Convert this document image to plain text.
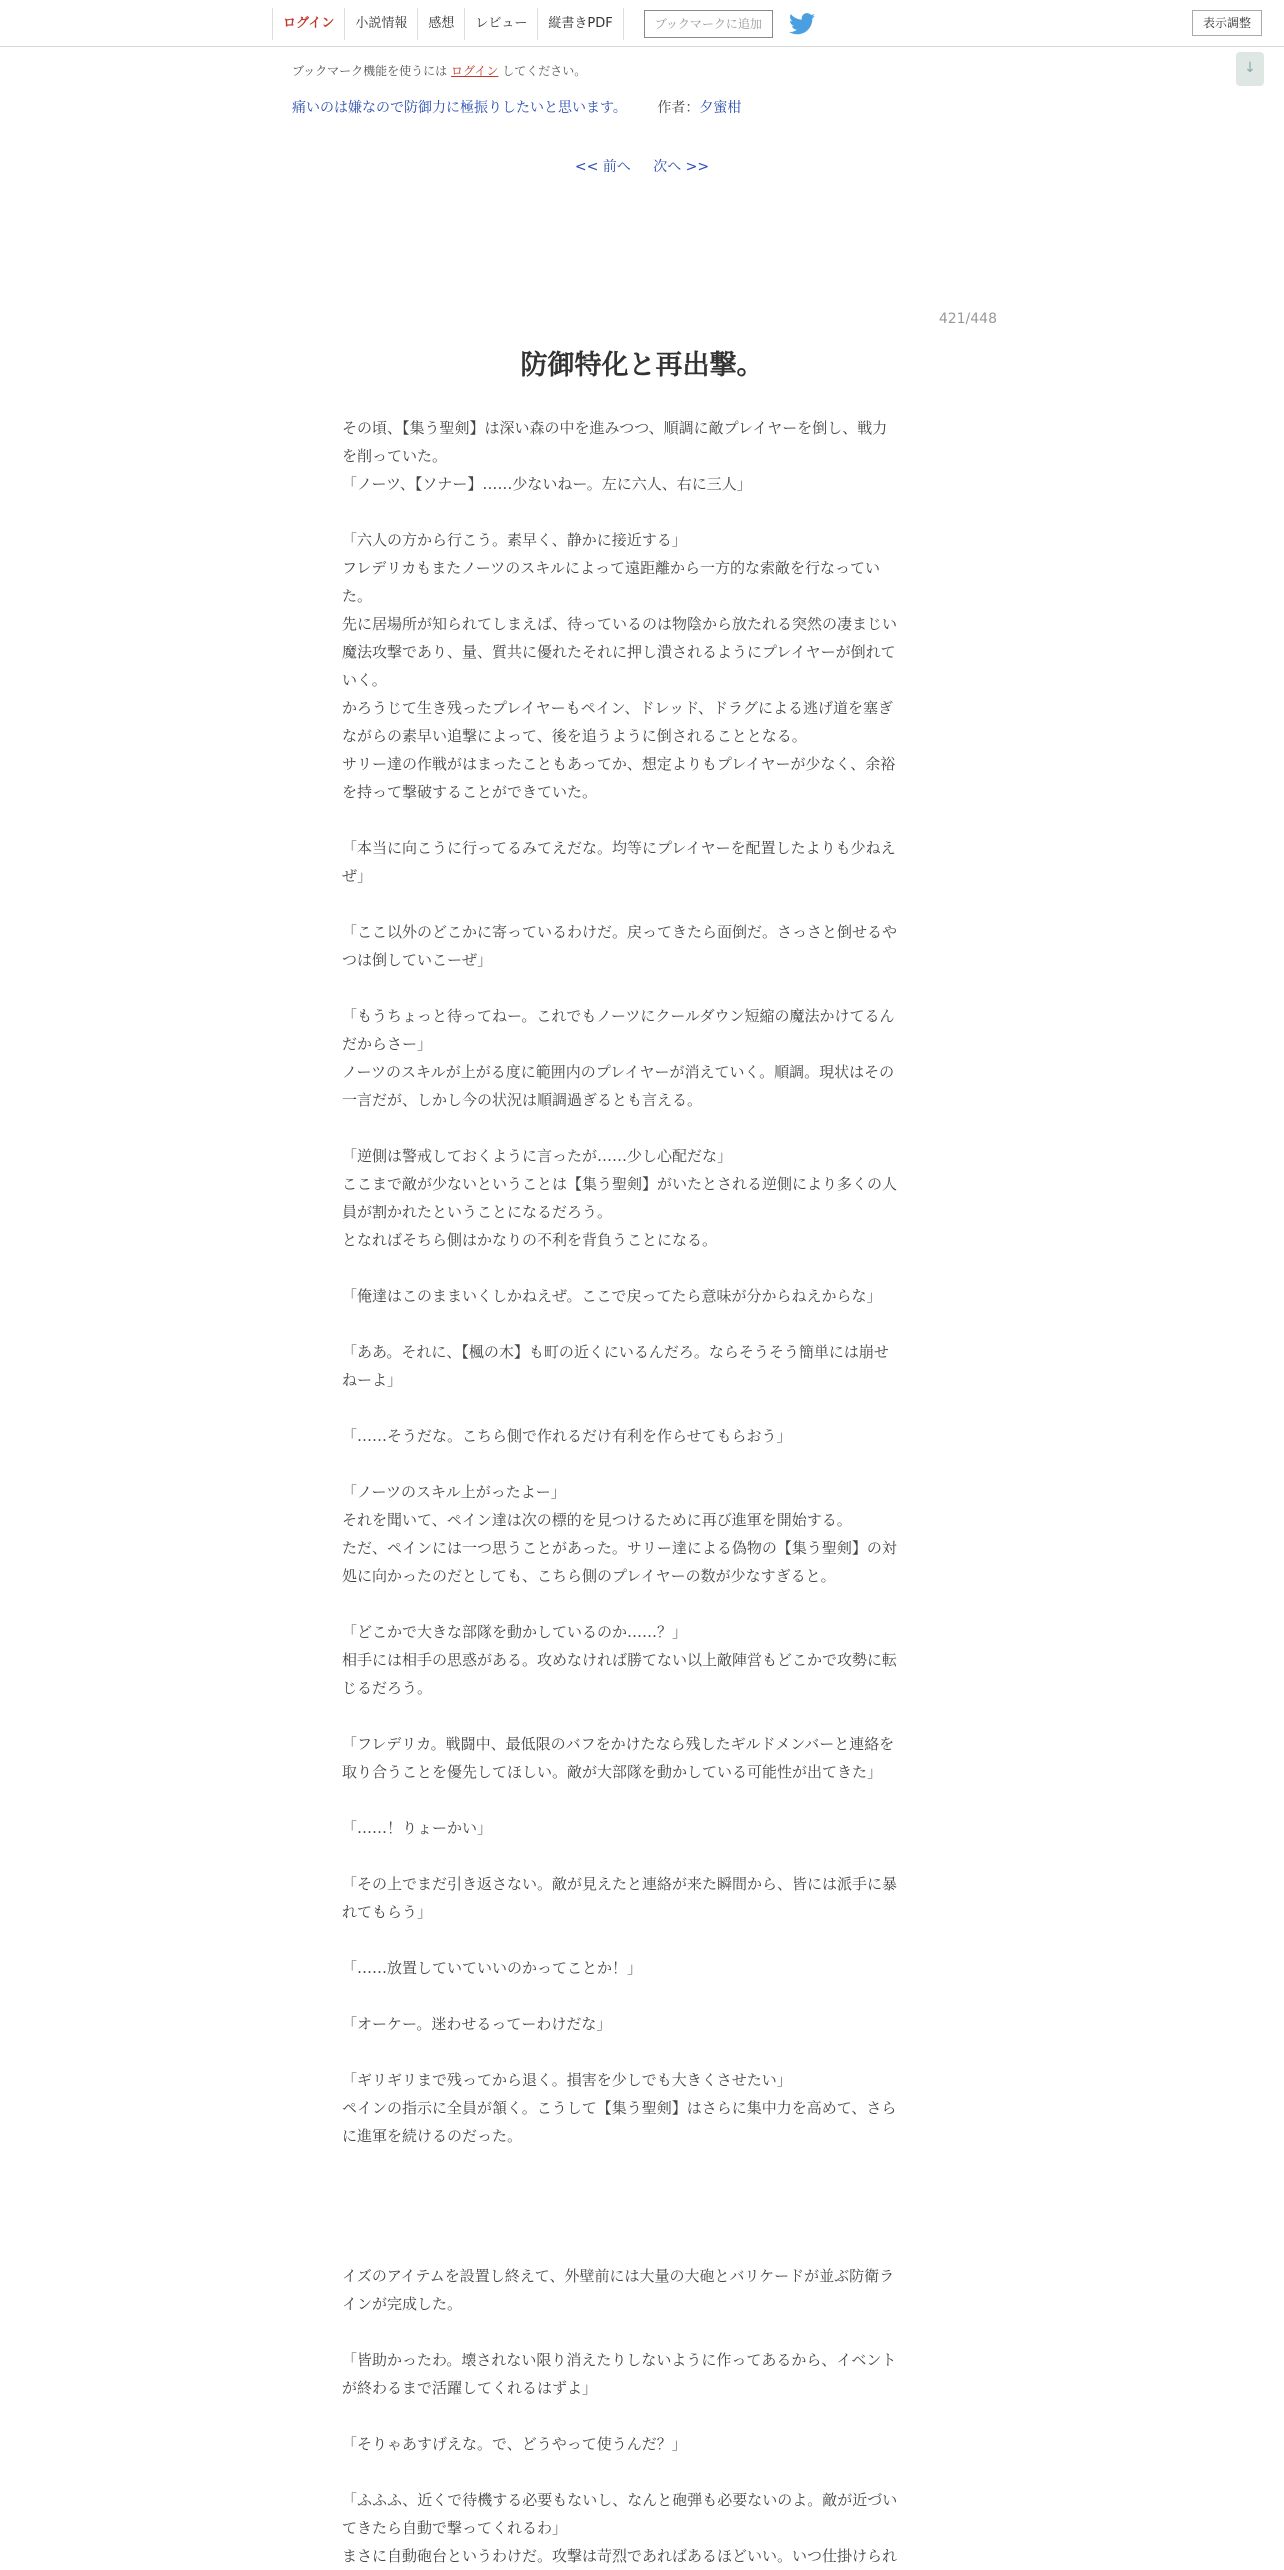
ログイン	小説情報	感想	レビュー	縦書きPDF	ブックマークに追加	表示調整
ブックマーク機能を使うには ログイン してください。	↓
痛いのは嫌なので防御力に極振りしたいと思います。 作者：夕蜜柑
<< 前へ 次へ >>
421/448
防御特化と再出撃。
その頃、【集う聖剣】は深い森の中を進みつつ、順調に敵プレイヤーを倒し、戦力
を削っていた。
「ノーツ、【ソナー】……少ないねー。左に六人、右に三人」
「六人の方から行こう。素早く、静かに接近する」
フレデリカもまたノーツのスキルによって遠距離から一方的な索敵を行なってい
た。
先に居場所が知られてしまえば、待っているのは物陰から放たれる突然の凄まじい
魔法攻撃であり、量、質共に優れたそれに押し潰されるようにプレイヤーが倒れて
いく。
かろうじて生き残ったプレイヤーもペイン、ドレッド、ドラグによる逃げ道を塞ぎ
ながらの素早い追撃によって、後を追うように倒されることとなる。
サリー達の作戦がはまったこともあってか、想定よりもプレイヤーが少なく、余裕
を持って撃破することができていた。
「本当に向こうに行ってるみてえだな。均等にプレイヤーを配置したよりも少ねえ
ぜ」
「ここ以外のどこかに寄っているわけだ。戻ってきたら面倒だ。さっさと倒せるや
つは倒していこーぜ」
「もうちょっと待ってねー。これでもノーツにクールダウン短縮の魔法かけてるん
だからさー」
ノーツのスキルが上がる度に範囲内のプレイヤーが消えていく。順調。現状はその
一言だが、しかし今の状況は順調過ぎるとも言える。
「逆側は警戒しておくように言ったが……少し心配だな」
ここまで敵が少ないということは【集う聖剣】がいたとされる逆側により多くの人
員が割かれたということになるだろう。
となればそちら側はかなりの不利を背負うことになる。
「俺達はこのままいくしかねえぜ。ここで戻ってたら意味が分からねえからな」
「ああ。それに、【楓の木】も町の近くにいるんだろ。ならそうそう簡単には崩せ
ねーよ」
「……そうだな。こちら側で作れるだけ有利を作らせてもらおう」
「ノーツのスキル上がったよー」
それを聞いて、ペイン達は次の標的を見つけるために再び進軍を開始する。
ただ、ペインには一つ思うことがあった。サリー達による偽物の【集う聖剣】の対
処に向かったのだとしても、こちら側のプレイヤーの数が少なすぎると。
「どこかで大きな部隊を動かしているのか……？」
相手には相手の思惑がある。攻めなければ勝てない以上敵陣営もどこかで攻勢に転
じるだろう。
「フレデリカ。戦闘中、最低限のバフをかけたなら残したギルドメンバーと連絡を
取り合うことを優先してほしい。敵が大部隊を動かしている可能性が出てきた」
「……！りょーかい」
「その上でまだ引き返さない。敵が見えたと連絡が来た瞬間から、皆には派手に暴
れてもらう」
「……放置していていいのかってことか！」
「オーケー。迷わせるってーわけだな」
「ギリギリまで残ってから退く。損害を少しでも大きくさせたい」
ペインの指示に全員が頷く。こうして【集う聖剣】はさらに集中力を高めて、さら
に進軍を続けるのだった。
イズのアイテムを設置し終えて、外壁前には大量の大砲とバリケードが並ぶ防衛ラ
インが完成した。
「皆助かったわ。壊されない限り消えたりしないように作ってあるから、イベント
が終わるまで活躍してくれるはずよ」
「そりゃあすげえな。で、どうやって使うんだ？」
「ふふふ、近くで待機する必要もないし、なんと砲弾も必要ないのよ。敵が近づい
てきたら自動で撃ってくれるわ」
まさに自動砲台というわけだ。攻撃は苛烈であればあるほどいい。いつ仕掛けられ
